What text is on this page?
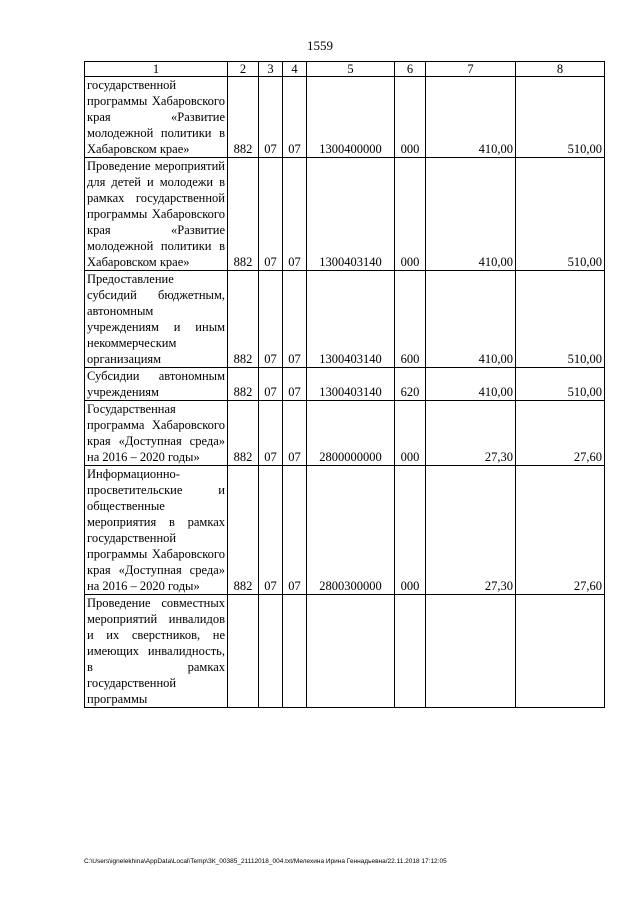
1559
1	2	3	4	5	6	7	8
государственной программы Хабаровского края «Развитие молодежной политики в Хабаровском крае»	882	07	07	1300400000	000	410,00	510,00
Проведение мероприятий для детей и молодежи в рамках государственной программы Хабаровского края «Развитие молодежной политики в Хабаровском крае»	882	07	07	1300403140	000	410,00	510,00
Предоставление субсидий бюджетным, автономным учреждениям и иным некоммерческим организациям	882	07	07	1300403140	600	410,00	510,00
Субсидии автономным учреждениям	882	07	07	1300403140	620	410,00	510,00
Государственная программа Хабаровского края «Доступная среда» на 2016 – 2020 годы»	882	07	07	2800000000	000	27,30	27,60
Информационно-просветительские и общественные мероприятия в рамках государственной программы Хабаровского края «Доступная среда» на 2016 – 2020 годы»	882	07	07	2800300000	000	27,30	27,60
Проведение совместных мероприятий инвалидов и их сверстников, не имеющих инвалидность, в рамках государственной программы							
C:\Users\ignelekhina\AppData\Local\Temp\ЗК_00385_21112018_004.txt/Мелехина Ирина Геннадьевна/22.11.2018 17:12:05
